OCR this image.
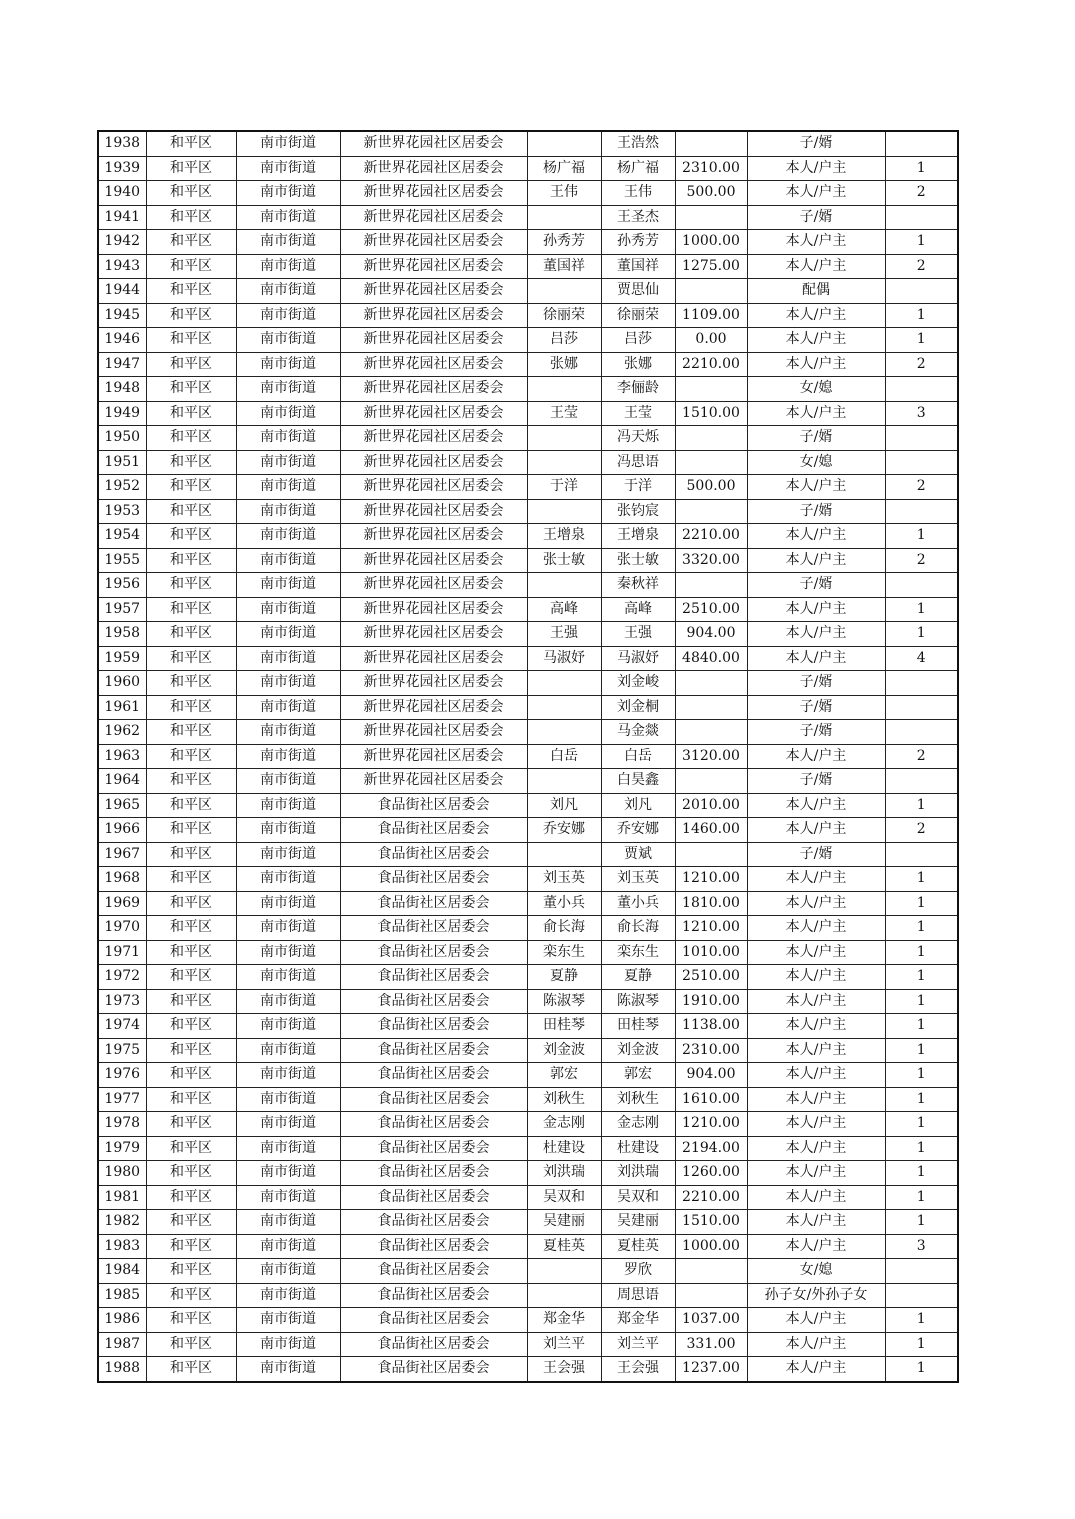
1938	和平区	南市街道	新世界花园社区居委会		王浩然		子/婿	
1939	和平区	南市街道	新世界花园社区居委会	杨广福	杨广福	2310.00	本人/户主	1
1940	和平区	南市街道	新世界花园社区居委会	王伟	王伟	500.00	本人/户主	2
1941	和平区	南市街道	新世界花园社区居委会		王圣杰		子/婿	
1942	和平区	南市街道	新世界花园社区居委会	孙秀芳	孙秀芳	1000.00	本人/户主	1
1943	和平区	南市街道	新世界花园社区居委会	董国祥	董国祥	1275.00	本人/户主	2
1944	和平区	南市街道	新世界花园社区居委会		贾思仙		配偶	
1945	和平区	南市街道	新世界花园社区居委会	徐丽荣	徐丽荣	1109.00	本人/户主	1
1946	和平区	南市街道	新世界花园社区居委会	吕莎	吕莎	0.00	本人/户主	1
1947	和平区	南市街道	新世界花园社区居委会	张娜	张娜	2210.00	本人/户主	2
1948	和平区	南市街道	新世界花园社区居委会		李俪龄		女/媳	
1949	和平区	南市街道	新世界花园社区居委会	王莹	王莹	1510.00	本人/户主	3
1950	和平区	南市街道	新世界花园社区居委会		冯天烁		子/婿	
1951	和平区	南市街道	新世界花园社区居委会		冯思语		女/媳	
1952	和平区	南市街道	新世界花园社区居委会	于洋	于洋	500.00	本人/户主	2
1953	和平区	南市街道	新世界花园社区居委会		张钧宸		子/婿	
1954	和平区	南市街道	新世界花园社区居委会	王增泉	王增泉	2210.00	本人/户主	1
1955	和平区	南市街道	新世界花园社区居委会	张士敏	张士敏	3320.00	本人/户主	2
1956	和平区	南市街道	新世界花园社区居委会		秦秋祥		子/婿	
1957	和平区	南市街道	新世界花园社区居委会	高峰	高峰	2510.00	本人/户主	1
1958	和平区	南市街道	新世界花园社区居委会	王强	王强	904.00	本人/户主	1
1959	和平区	南市街道	新世界花园社区居委会	马淑妤	马淑妤	4840.00	本人/户主	4
1960	和平区	南市街道	新世界花园社区居委会		刘金峻		子/婿	
1961	和平区	南市街道	新世界花园社区居委会		刘金桐		子/婿	
1962	和平区	南市街道	新世界花园社区居委会		马金燚		子/婿	
1963	和平区	南市街道	新世界花园社区居委会	白岳	白岳	3120.00	本人/户主	2
1964	和平区	南市街道	新世界花园社区居委会		白昊鑫		子/婿	
1965	和平区	南市街道	食品街社区居委会	刘凡	刘凡	2010.00	本人/户主	1
1966	和平区	南市街道	食品街社区居委会	乔安娜	乔安娜	1460.00	本人/户主	2
1967	和平区	南市街道	食品街社区居委会		贾斌		子/婿	
1968	和平区	南市街道	食品街社区居委会	刘玉英	刘玉英	1210.00	本人/户主	1
1969	和平区	南市街道	食品街社区居委会	董小兵	董小兵	1810.00	本人/户主	1
1970	和平区	南市街道	食品街社区居委会	俞长海	俞长海	1210.00	本人/户主	1
1971	和平区	南市街道	食品街社区居委会	栾东生	栾东生	1010.00	本人/户主	1
1972	和平区	南市街道	食品街社区居委会	夏静	夏静	2510.00	本人/户主	1
1973	和平区	南市街道	食品街社区居委会	陈淑琴	陈淑琴	1910.00	本人/户主	1
1974	和平区	南市街道	食品街社区居委会	田桂琴	田桂琴	1138.00	本人/户主	1
1975	和平区	南市街道	食品街社区居委会	刘金波	刘金波	2310.00	本人/户主	1
1976	和平区	南市街道	食品街社区居委会	郭宏	郭宏	904.00	本人/户主	1
1977	和平区	南市街道	食品街社区居委会	刘秋生	刘秋生	1610.00	本人/户主	1
1978	和平区	南市街道	食品街社区居委会	金志刚	金志刚	1210.00	本人/户主	1
1979	和平区	南市街道	食品街社区居委会	杜建设	杜建设	2194.00	本人/户主	1
1980	和平区	南市街道	食品街社区居委会	刘洪瑞	刘洪瑞	1260.00	本人/户主	1
1981	和平区	南市街道	食品街社区居委会	吴双和	吴双和	2210.00	本人/户主	1
1982	和平区	南市街道	食品街社区居委会	吴建丽	吴建丽	1510.00	本人/户主	1
1983	和平区	南市街道	食品街社区居委会	夏桂英	夏桂英	1000.00	本人/户主	3
1984	和平区	南市街道	食品街社区居委会		罗欣		女/媳	
1985	和平区	南市街道	食品街社区居委会		周思语		孙子女/外孙子女	
1986	和平区	南市街道	食品街社区居委会	郑金华	郑金华	1037.00	本人/户主	1
1987	和平区	南市街道	食品街社区居委会	刘兰平	刘兰平	331.00	本人/户主	1
1988	和平区	南市街道	食品街社区居委会	王会强	王会强	1237.00	本人/户主	1
